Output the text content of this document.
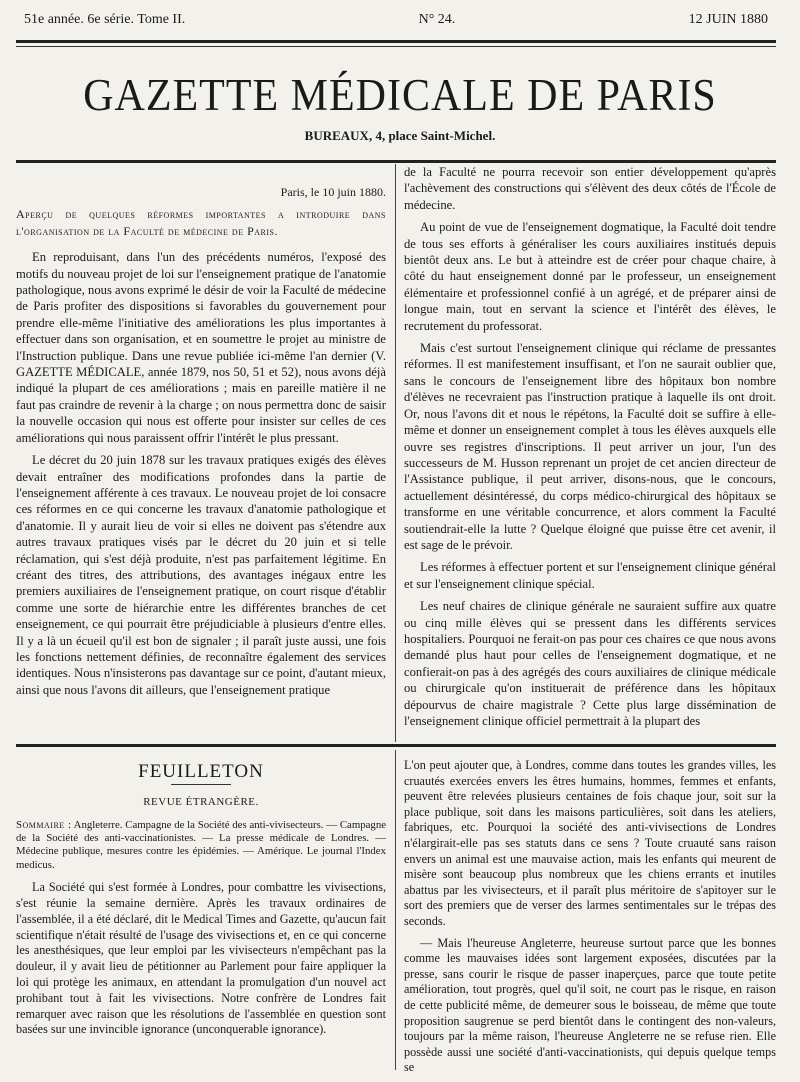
51e année. 6e série. Tome II.	N° 24.	12 JUIN 1880
GAZETTE MÉDICALE DE PARIS
BUREAUX, 4, place Saint-Michel.

Paris, le 10 juin 1880.

Aperçu de quelques réformes importantes a introduire dans l'organisation de la Faculté de médecine de Paris.

En reproduisant, dans l'un des précédents numéros, l'exposé des motifs du nouveau projet de loi sur l'enseignement pratique de l'anatomie pathologique, nous avons exprimé le désir de voir la Faculté de médecine de Paris profiter des dispositions si favorables du gouvernement pour prendre elle-même l'initiative des améliorations les plus importantes à effectuer dans son organisation, et en soumettre le projet au ministre de l'Instruction publique. Dans une revue publiée ici-même l'an dernier (V. GAZETTE MÉDICALE, année 1879, nos 50, 51 et 52), nous avons déjà indiqué la plupart de ces améliorations ; mais en pareille matière il ne faut pas craindre de revenir à la charge ; on nous permettra donc de saisir la nouvelle occasion qui nous est offerte pour insister sur celles de ces améliorations qui nous paraissent offrir l'intérêt le plus pressant.

Le décret du 20 juin 1878 sur les travaux pratiques exigés des élèves devait entraîner des modifications profondes dans la partie de l'enseignement afférente à ces travaux. Le nouveau projet de loi consacre ces réformes en ce qui concerne les travaux d'anatomie pathologique et d'anatomie. Il y aurait lieu de voir si elles ne doivent pas s'étendre aux autres travaux pratiques visés par le décret du 20 juin et si telle réclamation, qui s'est déjà produite, n'est pas parfaitement légitime. En créant des titres, des attributions, des avantages inégaux entre les premiers auxiliaires de l'enseignement pratique, on court risque d'établir comme une sorte de hiérarchie entre les différentes branches de cet enseignement, ce qui pourrait être préjudiciable à plusieurs d'entre elles. Il y a là un écueil qu'il est bon de signaler ; il paraît juste aussi, une fois les fonctions nettement définies, de reconnaître également des services identiques. Nous n'insisterons pas davantage sur ce point, d'autant mieux, ainsi que nous l'avons dit ailleurs, que l'enseignement pratique

de la Faculté ne pourra recevoir son entier développement qu'après l'achèvement des constructions qui s'élèvent des deux côtés de l'École de médecine.

Au point de vue de l'enseignement dogmatique, la Faculté doit tendre de tous ses efforts à généraliser les cours auxiliaires institués depuis bientôt deux ans. Le but à atteindre est de créer pour chaque chaire, à côté du haut enseignement donné par le professeur, un enseignement élémentaire et professionnel confié à un agrégé, et de préparer ainsi de longue main, tout en servant la science et l'intérêt des élèves, le recrutement du professorat.

Mais c'est surtout l'enseignement clinique qui réclame de pressantes réformes. Il est manifestement insuffisant, et l'on ne saurait oublier que, sans le concours de l'enseignement libre des hôpitaux bon nombre d'élèves ne recevraient pas l'instruction pratique à laquelle ils ont droit. Or, nous l'avons dit et nous le répétons, la Faculté doit se suffire à elle-même et donner un enseignement complet à tous les élèves auxquels elle ouvre ses registres d'inscriptions. Il peut arriver un jour, l'un des successeurs de M. Husson reprenant un projet de cet ancien directeur de l'Assistance publique, il peut arriver, disons-nous, que le concours, actuellement désintéressé, du corps médico-chirurgical des hôpitaux se transforme en une véritable concurrence, et alors comment la Faculté soutiendrait-elle la lutte ? Quelque éloigné que puisse être cet avenir, il est sage de le prévoir.

Les réformes à effectuer portent et sur l'enseignement clinique général et sur l'enseignement clinique spécial.

Les neuf chaires de clinique générale ne sauraient suffire aux quatre ou cinq mille élèves qui se pressent dans les différents services hospitaliers. Pourquoi ne ferait-on pas pour ces chaires ce que nous avons demandé plus haut pour celles de l'enseignement dogmatique, et ne confierait-on pas à des agrégés des cours auxiliaires de clinique médicale ou chirurgicale qu'on instituerait de préférence dans les hôpitaux dépourvus de chaire magistrale ? Cette plus large dissémination de l'enseignement clinique officiel permettrait à la plupart des

FEUILLETON
REVUE ÉTRANGÈRE.
Sommaire : Angleterre. Campagne de la Société des anti-vivisecteurs. — Campagne de la Société des anti-vaccinationistes. — La presse médicale de Londres. — Médecine publique, mesures contre les épidémies. — Amérique. Le journal l'Index medicus.

La Société qui s'est formée à Londres, pour combattre les vivisections, s'est réunie la semaine dernière. Après les travaux ordinaires de l'assemblée, il a été déclaré, dit le Medical Times and Gazette, qu'aucun fait scientifique n'était résulté de l'usage des vivisections et, en ce qui concerne les anesthésiques, que leur emploi par les vivisecteurs n'empêchant pas la douleur, il y avait lieu de pétitionner au Parlement pour faire appliquer la loi qui protège les animaux, en attendant la promulgation d'un nouvel act prohibant tout à fait les vivisections. Notre confrère de Londres fait remarquer avec raison que les résolutions de l'assemblée en question sont basées sur une invincible ignorance (unconquerable ignorance).

L'on peut ajouter que, à Londres, comme dans toutes les grandes villes, les cruautés exercées envers les êtres humains, hommes, femmes et enfants, peuvent être relevées plusieurs centaines de fois chaque jour, soit sur la place publique, soit dans les maisons particulières, soit dans les ateliers, fabriques, etc. Pourquoi la société des anti-vivisections de Londres n'élargirait-elle pas ses statuts dans ce sens ? Toute cruauté sans raison envers un animal est une mauvaise action, mais les enfants qui meurent de misère sont beaucoup plus nombreux que les chiens errants et inutiles abattus par les vivisecteurs, et il paraît plus méritoire de s'apitoyer sur le sort des premiers que de verser des larmes sentimentales sur le trépas des seconds.

— Mais l'heureuse Angleterre, heureuse surtout parce que les bonnes comme les mauvaises idées sont largement exposées, discutées par la presse, sans courir le risque de passer inaperçues, parce que toute petite amélioration, tout progrès, quel qu'il soit, ne court pas le risque, en raison de cette publicité même, de demeurer sous le boisseau, de même que toute proposition saugrenue se perd bientôt dans le contingent des non-valeurs, toujours par la même raison, l'heureuse Angleterre ne se refuse rien. Elle possède aussi une société d'anti-vaccinationists, qui depuis quelque temps se
